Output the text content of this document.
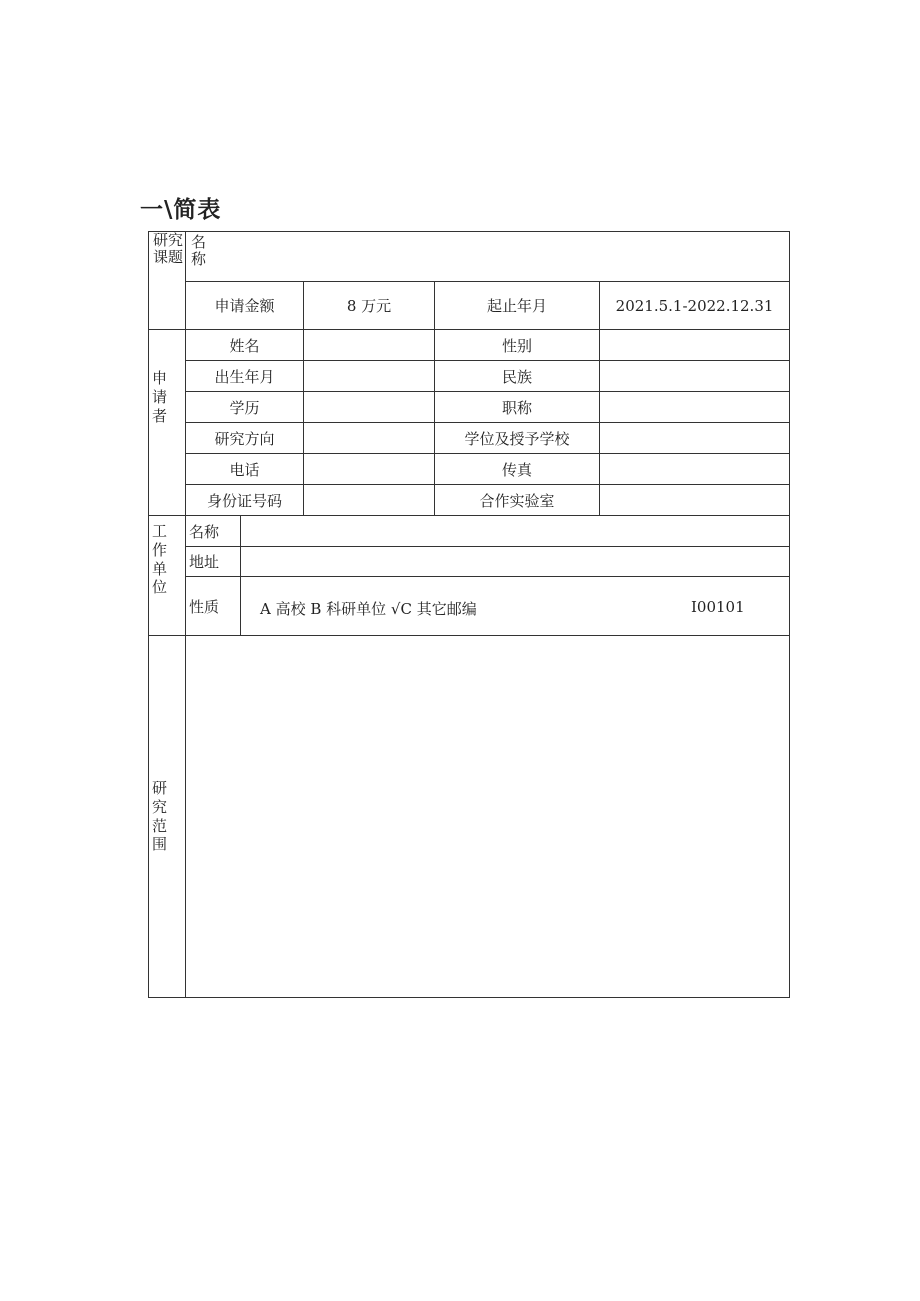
一\简表
研究课题	名称				

	申请金额		8 万元	起止年月	2021.5.1-2022.12.31
申请者	姓名			性别	
	出生年月			民族	
	学历			职称	
	研究方向			学位及授予学校	
	电话			传真	
	身份证号码			合作实验室	
工作单位	名称				
	地址				
	性质	A 高校 B 科研单位 √C 其它邮编 I00101			

研究范围					
